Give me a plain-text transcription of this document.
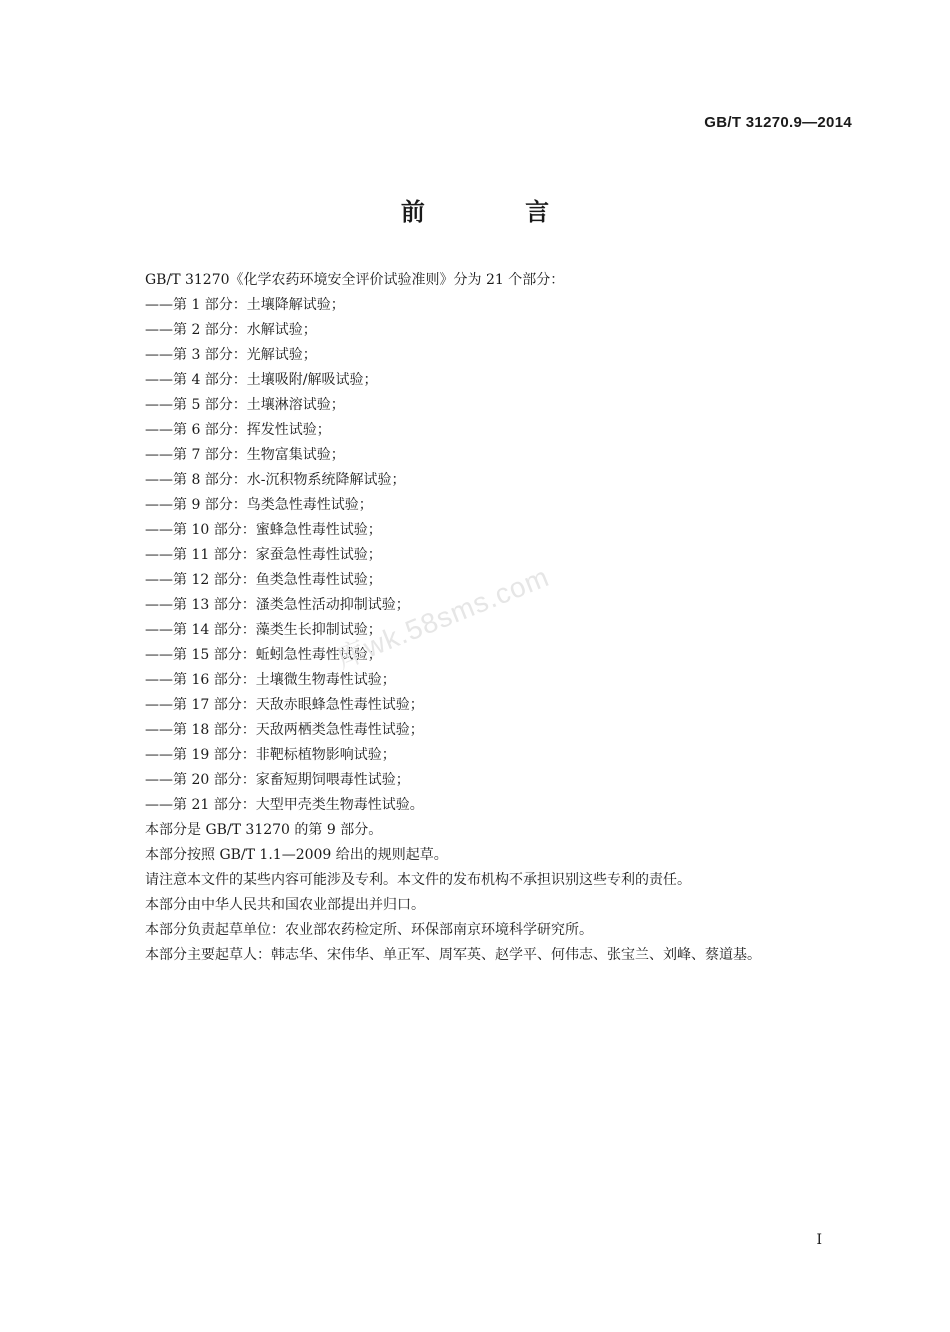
GB/T 31270.9—2014
前 言
GB/T 31270《化学农药环境安全评价试验准则》分为 21 个部分：
——第 1 部分：土壤降解试验；
——第 2 部分：水解试验；
——第 3 部分：光解试验；
——第 4 部分：土壤吸附/解吸试验；
——第 5 部分：土壤淋溶试验；
——第 6 部分：挥发性试验；
——第 7 部分：生物富集试验；
——第 8 部分：水-沉积物系统降解试验；
——第 9 部分：鸟类急性毒性试验；
——第 10 部分：蜜蜂急性毒性试验；
——第 11 部分：家蚕急性毒性试验；
——第 12 部分：鱼类急性毒性试验；
——第 13 部分：溞类急性活动抑制试验；
——第 14 部分：藻类生长抑制试验；
——第 15 部分：蚯蚓急性毒性试验；
——第 16 部分：土壤微生物毒性试验；
——第 17 部分：天敌赤眼蜂急性毒性试验；
——第 18 部分：天敌两栖类急性毒性试验；
——第 19 部分：非靶标植物影响试验；
——第 20 部分：家畜短期饲喂毒性试验；
——第 21 部分：大型甲壳类生物毒性试验。
本部分是 GB/T 31270 的第 9 部分。
本部分按照 GB/T 1.1—2009 给出的规则起草。
请注意本文件的某些内容可能涉及专利。本文件的发布机构不承担识别这些专利的责任。
本部分由中华人民共和国农业部提出并归口。
本部分负责起草单位：农业部农药检定所、环保部南京环境科学研究所。
本部分主要起草人：韩志华、宋伟华、单正军、周军英、赵学平、何伟志、张宝兰、刘峰、蔡道基。
库wk.58sms.com
I
